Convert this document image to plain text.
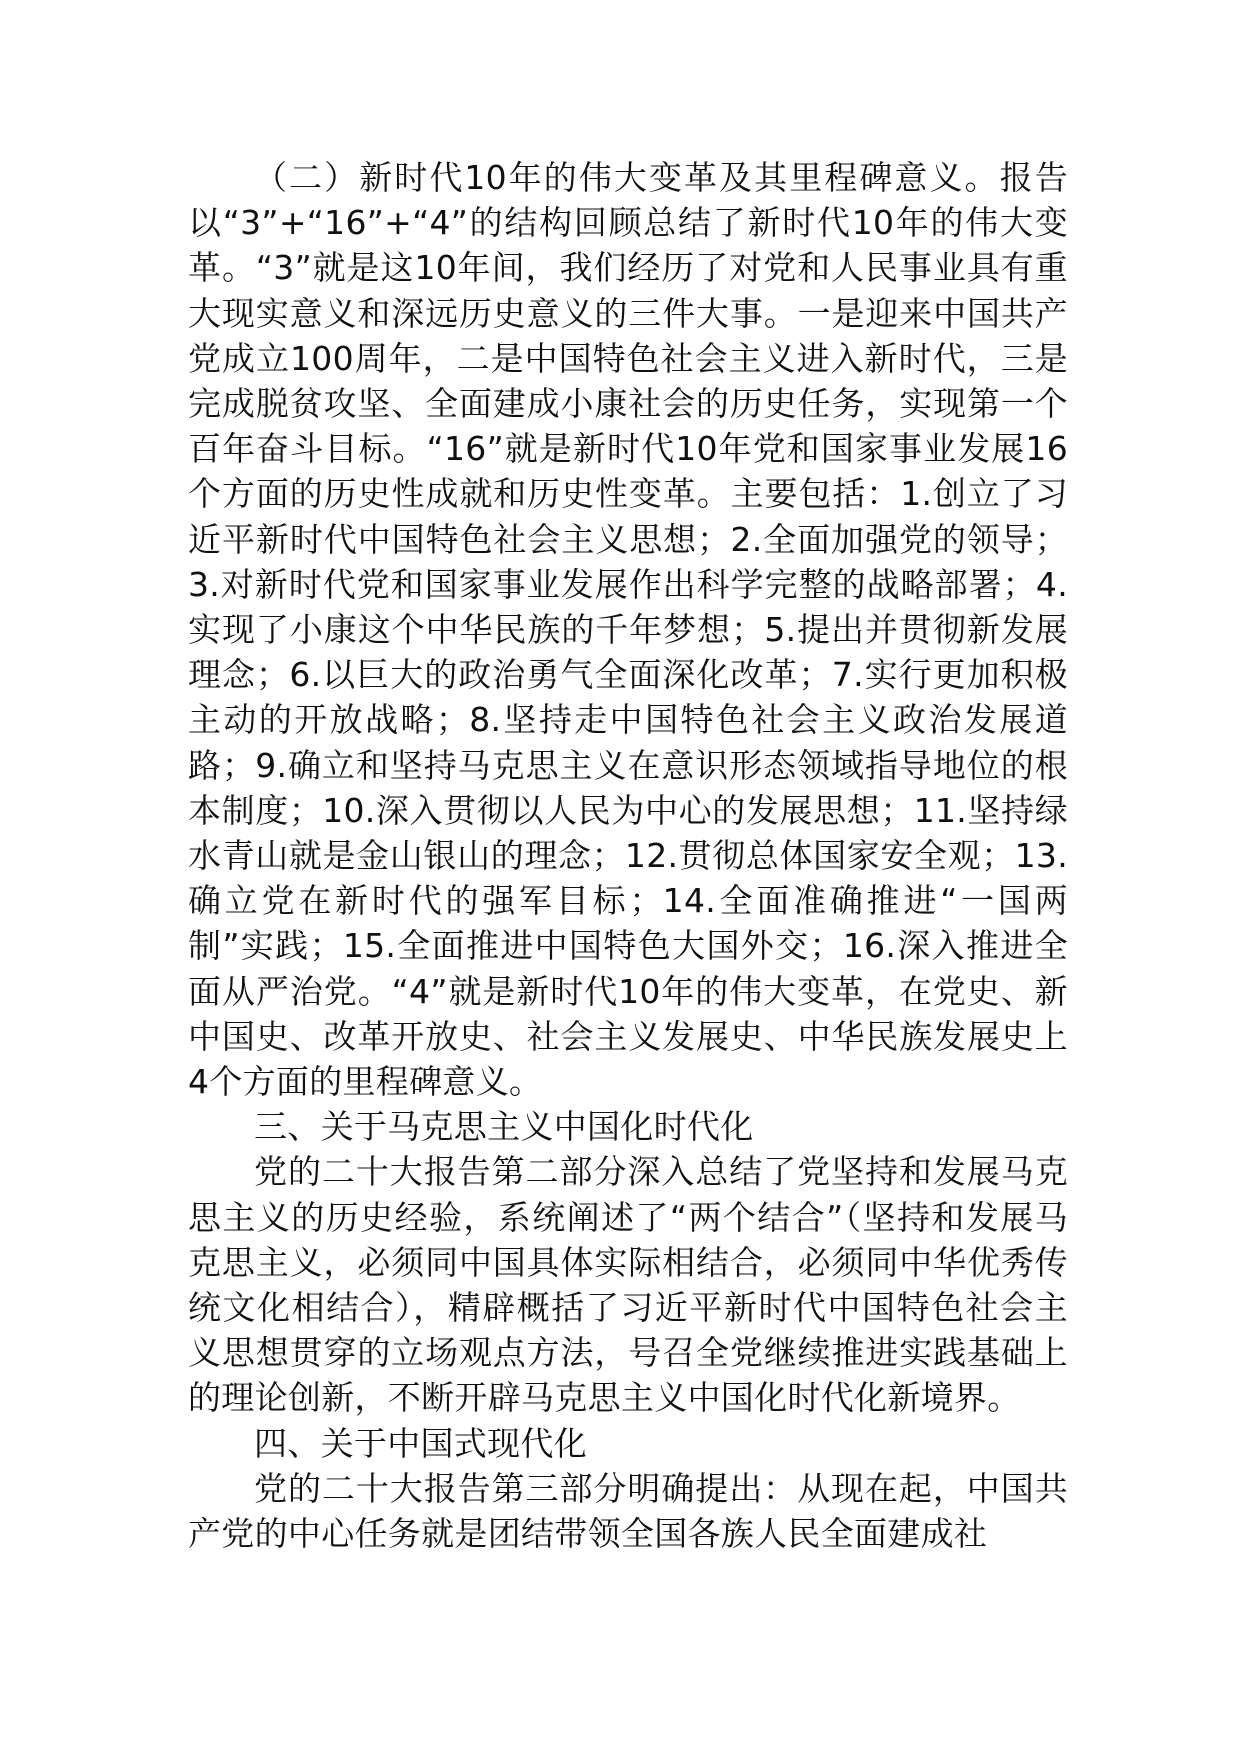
（二）新时代10年的伟大变革及其里程碑意义。报告以“3”+“16”+“4”的结构回顾总结了新时代10年的伟大变革。“3”就是这10年间，我们经历了对党和人民事业具有重大现实意义和深远历史意义的三件大事。一是迎来中国共产党成立100周年，二是中国特色社会主义进入新时代，三是完成脱贫攻坚、全面建成小康社会的历史任务，实现第一个百年奋斗目标。“16”就是新时代10年党和国家事业发展16个方面的历史性成就和历史性变革。主要包括：1.创立了习近平新时代中国特色社会主义思想；2.全面加强党的领导；3.对新时代党和国家事业发展作出科学完整的战略部署；4.实现了小康这个中华民族的千年梦想；5.提出并贯彻新发展理念；6.以巨大的政治勇气全面深化改革；7.实行更加积极主动的开放战略；8.坚持走中国特色社会主义政治发展道路；9.确立和坚持马克思主义在意识形态领域指导地位的根本制度；10.深入贯彻以人民为中心的发展思想；11.坚持绿水青山就是金山银山的理念；12.贯彻总体国家安全观；13.确立党在新时代的强军目标；14.全面准确推进“一国两制”实践；15.全面推进中国特色大国外交；16.深入推进全面从严治党。“4”就是新时代10年的伟大变革，在党史、新中国史、改革开放史、社会主义发展史、中华民族发展史上4个方面的里程碑意义。

三、关于马克思主义中国化时代化

党的二十大报告第二部分深入总结了党坚持和发展马克思主义的历史经验，系统阐述了“两个结合”（坚持和发展马克思主义，必须同中国具体实际相结合，必须同中华优秀传统文化相结合），精辟概括了习近平新时代中国特色社会主义思想贯穿的立场观点方法，号召全党继续推进实践基础上的理论创新，不断开辟马克思主义中国化时代化新境界。

四、关于中国式现代化

党的二十大报告第三部分明确提出：从现在起，中国共产党的中心任务就是团结带领全国各族人民全面建成社
